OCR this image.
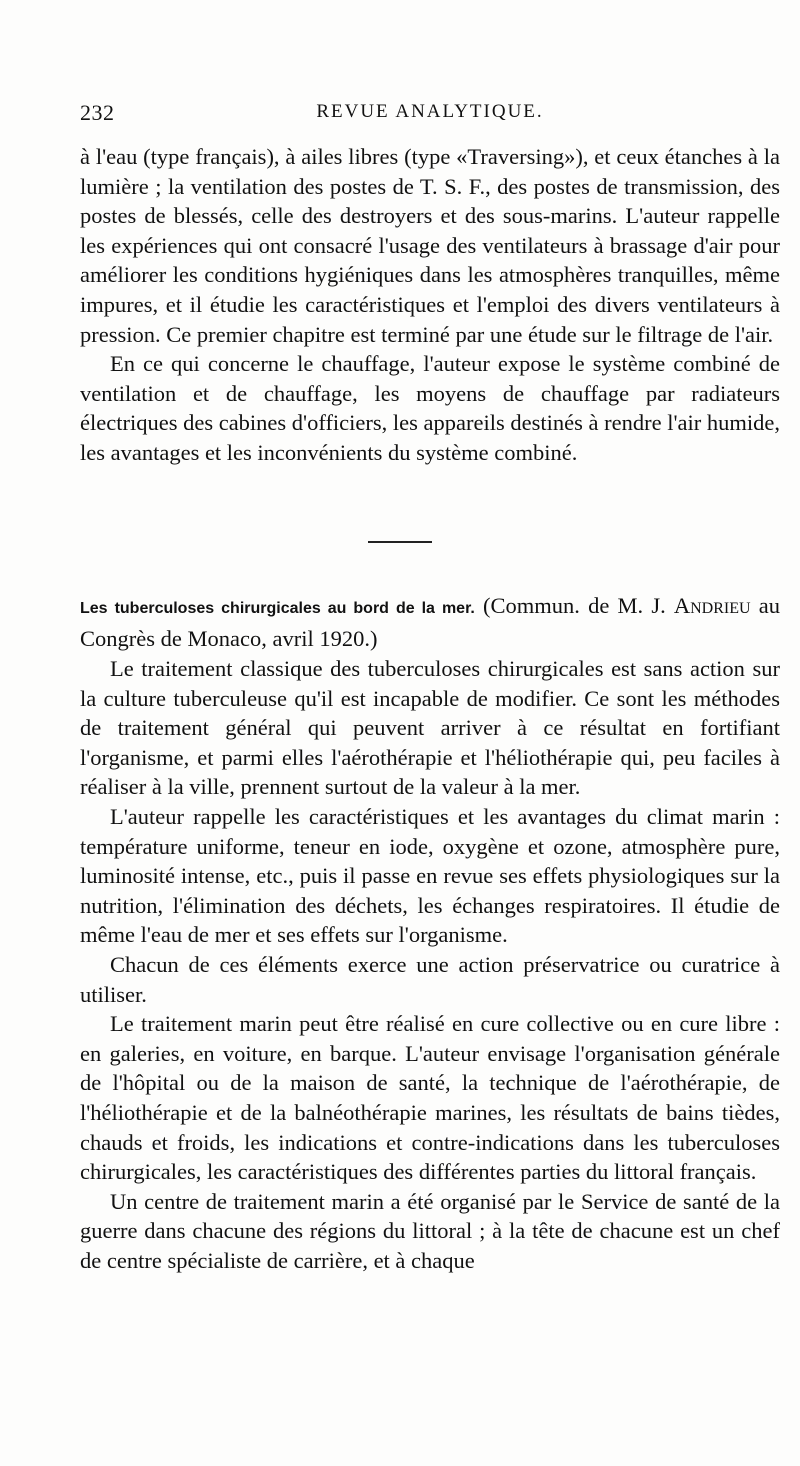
232	REVUE ANALYTIQUE.

à l'eau (type français), à ailes libres (type «Traversing»), et ceux étanches à la lumière ; la ventilation des postes de T. S. F., des postes de transmission, des postes de blessés, celle des destroyers et des sous-marins. L'auteur rappelle les expériences qui ont consacré l'usage des ventilateurs à brassage d'air pour améliorer les conditions hygiéniques dans les atmosphères tranquilles, même impures, et il étudie les caractéristiques et l'emploi des divers ventilateurs à pression. Ce premier chapitre est terminé par une étude sur le filtrage de l'air.

En ce qui concerne le chauffage, l'auteur expose le système combiné de ventilation et de chauffage, les moyens de chauffage par radiateurs électriques des cabines d'officiers, les appareils destinés à rendre l'air humide, les avantages et les inconvénients du système combiné.

Les tuberculoses chirurgicales au bord de la mer. (Commun. de M. J. Andrieu au Congrès de Monaco, avril 1920.)

Le traitement classique des tuberculoses chirurgicales est sans action sur la culture tuberculeuse qu'il est incapable de modifier. Ce sont les méthodes de traitement général qui peuvent arriver à ce résultat en fortifiant l'organisme, et parmi elles l'aérothérapie et l'héliothérapie qui, peu faciles à réaliser à la ville, prennent surtout de la valeur à la mer.

L'auteur rappelle les caractéristiques et les avantages du climat marin : température uniforme, teneur en iode, oxygène et ozone, atmosphère pure, luminosité intense, etc., puis il passe en revue ses effets physiologiques sur la nutrition, l'élimination des déchets, les échanges respiratoires. Il étudie de même l'eau de mer et ses effets sur l'organisme.

Chacun de ces éléments exerce une action préservatrice ou curatrice à utiliser.

Le traitement marin peut être réalisé en cure collective ou en cure libre : en galeries, en voiture, en barque. L'auteur envisage l'organisation générale de l'hôpital ou de la maison de santé, la technique de l'aérothérapie, de l'héliothérapie et de la balnéothérapie marines, les résultats de bains tièdes, chauds et froids, les indications et contre-indications dans les tuberculoses chirurgicales, les caractéristiques des différentes parties du littoral français.

Un centre de traitement marin a été organisé par le Service de santé de la guerre dans chacune des régions du littoral ; à la tête de chacune est un chef de centre spécialiste de carrière, et à chaque
